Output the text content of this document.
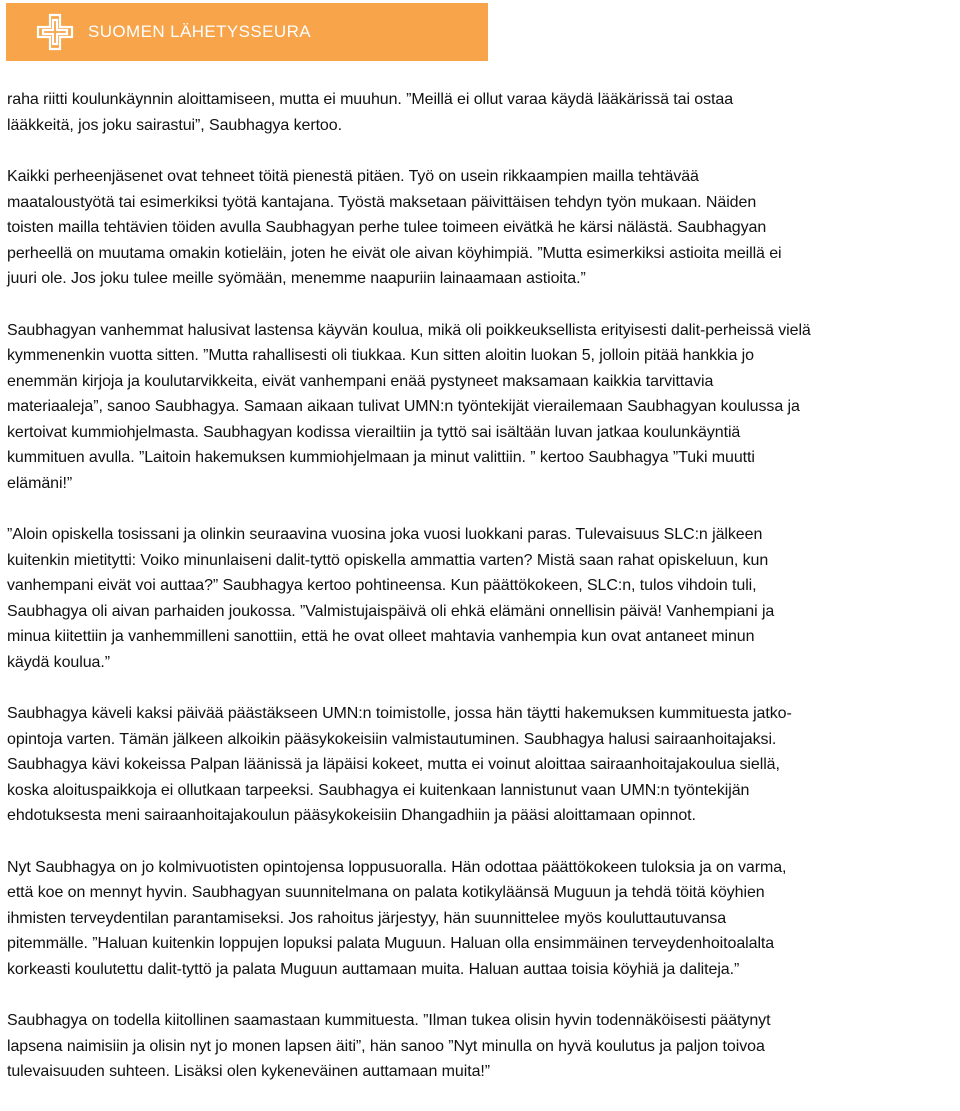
SUOMEN LÄHETYSSEURA

raha riitti koulunkäynnin aloittamiseen, mutta ei muuhun. ”Meillä ei ollut varaa käydä lääkärissä tai ostaa
lääkkeitä, jos joku sairastui”, Saubhagya kertoo.

Kaikki perheenjäsenet ovat tehneet töitä pienestä pitäen. Työ on usein rikkaampien mailla tehtävää
maataloustyötä tai esimerkiksi työtä kantajana. Työstä maksetaan päivittäisen tehdyn työn mukaan. Näiden
toisten mailla tehtävien töiden avulla Saubhagyan perhe tulee toimeen eivätkä he kärsi nälästä. Saubhagyan
perheellä on muutama omakin kotieläin, joten he eivät ole aivan köyhimpiä. ”Mutta esimerkiksi astioita meillä ei
juuri ole. Jos joku tulee meille syömään, menemme naapuriin lainaamaan astioita.”

Saubhagyan vanhemmat halusivat lastensa käyvän koulua, mikä oli poikkeuksellista erityisesti dalit-perheissä vielä
kymmenenkin vuotta sitten. ”Mutta rahallisesti oli tiukkaa. Kun sitten aloitin luokan 5, jolloin pitää hankkia jo
enemmän kirjoja ja koulutarvikkeita, eivät vanhempani enää pystyneet maksamaan kaikkia tarvittavia
materiaaleja”, sanoo Saubhagya. Samaan aikaan tulivat UMN:n työntekijät vierailemaan Saubhagyan koulussa ja
kertoivat kummiohjelmasta. Saubhagyan kodissa vierailtiin ja tyttö sai isältään luvan jatkaa koulunkäyntiä
kummituen avulla. ”Laitoin hakemuksen kummiohjelmaan ja minut valittiin. ” kertoo Saubhagya ”Tuki muutti
elämäni!”

”Aloin opiskella tosissani ja olinkin seuraavina vuosina joka vuosi luokkani paras. Tulevaisuus SLC:n jälkeen
kuitenkin mietitytti: Voiko minunlaiseni dalit-tyttö opiskella ammattia varten? Mistä saan rahat opiskeluun, kun
vanhempani eivät voi auttaa?” Saubhagya kertoo pohtineensa. Kun päättökokeen, SLC:n, tulos vihdoin tuli,
Saubhagya oli aivan parhaiden joukossa. ”Valmistujaispäivä oli ehkä elämäni onnellisin päivä! Vanhempiani ja
minua kiitettiin ja vanhemmilleni sanottiin, että he ovat olleet mahtavia vanhempia kun ovat antaneet minun
käydä koulua.”

Saubhagya käveli kaksi päivää päästäkseen UMN:n toimistolle, jossa hän täytti hakemuksen kummituesta jatko-
opintoja varten. Tämän jälkeen alkoikin pääsykokeisiin valmistautuminen. Saubhagya halusi sairaanhoitajaksi.
Saubhagya kävi kokeissa Palpan läänissä ja läpäisi kokeet, mutta ei voinut aloittaa sairaanhoitajakoulua siellä,
koska aloituspaikkoja ei ollutkaan tarpeeksi. Saubhagya ei kuitenkaan lannistunut vaan UMN:n työntekijän
ehdotuksesta meni sairaanhoitajakoulun pääsykokeisiin Dhangadhiin ja pääsi aloittamaan opinnot.

Nyt Saubhagya on jo kolmivuotisten opintojensa loppusuoralla. Hän odottaa päättökokeen tuloksia ja on varma,
että koe on mennyt hyvin. Saubhagyan suunnitelmana on palata kotikyläänsä Muguun ja tehdä töitä köyhien
ihmisten terveydentilan parantamiseksi. Jos rahoitus järjestyy, hän suunnittelee myös kouluttautuvansa
pitemmälle. ”Haluan kuitenkin loppujen lopuksi palata Muguun. Haluan olla ensimmäinen terveydenhoitoalalta
korkeasti koulutettu dalit-tyttö ja palata Muguun auttamaan muita. Haluan auttaa toisia köyhiä ja daliteja.”

Saubhagya on todella kiitollinen saamastaan kummituesta. ”Ilman tukea olisin hyvin todennäköisesti päätynyt
lapsena naimisiin ja olisin nyt jo monen lapsen äiti”, hän sanoo ”Nyt minulla on hyvä koulutus ja paljon toivoa
tulevaisuuden suhteen. Lisäksi olen kykeneväinen auttamaan muita!”
